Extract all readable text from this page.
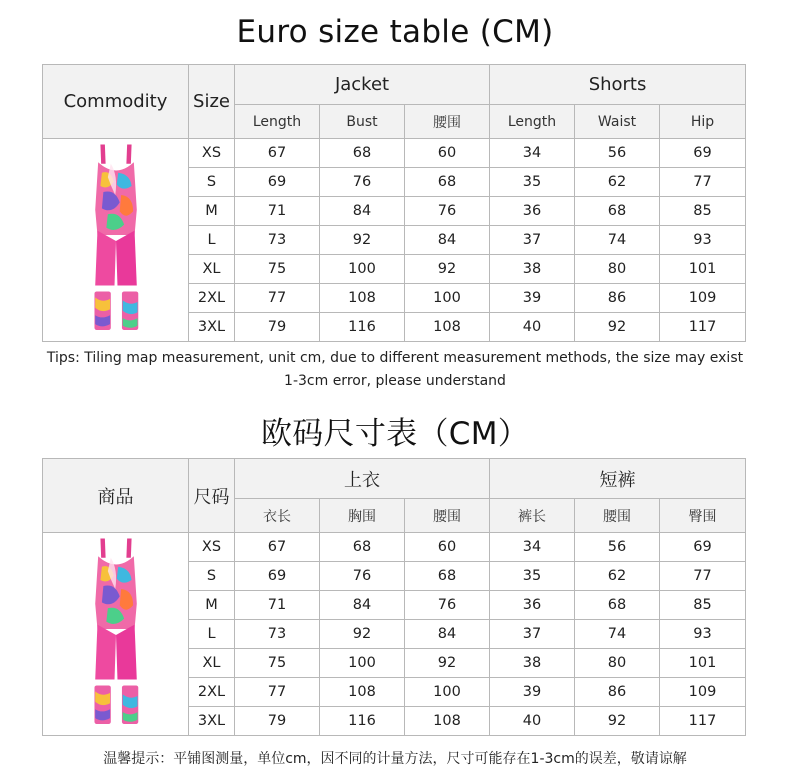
Euro size table (CM)
Commodity	Size	Jacket			Shorts		
		Length	Bust	腰围	Length	Waist	Hip
	XS	67	68	60	34	56	69
	S	69	76	68	35	62	77
	M	71	84	76	36	68	85
	L	73	92	84	37	74	93
	XL	75	100	92	38	80	101
	2XL	77	108	100	39	86	109
	3XL	79	116	108	40	92	117
Tips: Tiling map measurement, unit cm, due to different measurement methods, the size may exist 1-3cm error, please understand
欧码尺寸表（CM）
商品	尺码	上衣			短裤		
		衣长	胸围	腰围	裤长	腰围	臀围
	XS	67	68	60	34	56	69
	S	69	76	68	35	62	77
	M	71	84	76	36	68	85
	L	73	92	84	37	74	93
	XL	75	100	92	38	80	101
	2XL	77	108	100	39	86	109
	3XL	79	116	108	40	92	117
温馨提示：平铺图测量，单位cm，因不同的计量方法，尺寸可能存在1-3cm的误差，敬请谅解
